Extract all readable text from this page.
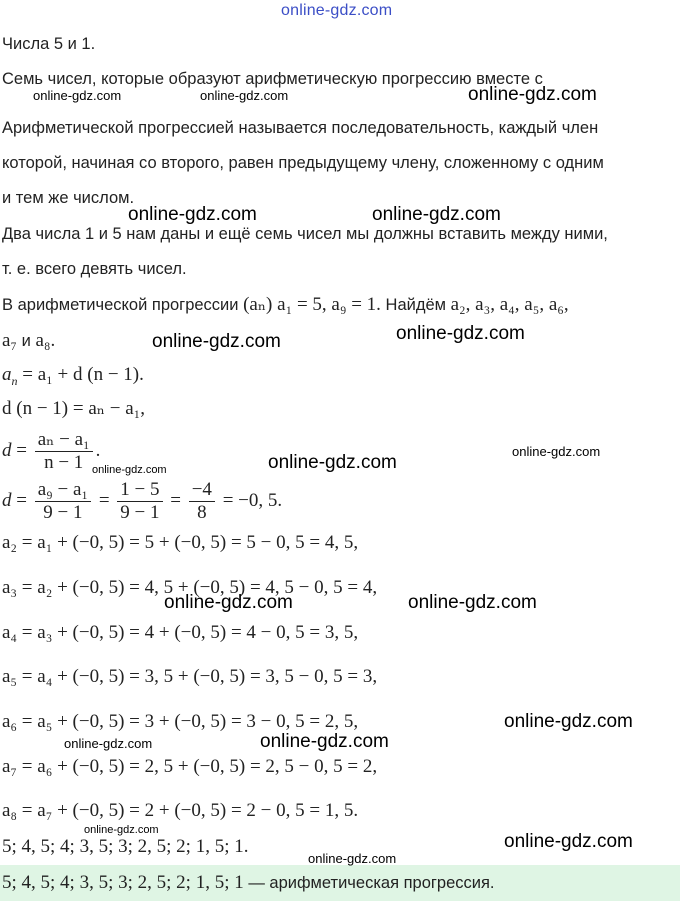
online-gdz.com
Числа 5 и 1.
Семь чисел, которые образуют арифметическую прогрессию вместе с
Арифметической прогрессией называется последовательность, каждый член
которой, начиная со второго, равен предыдущему члену, сложенному с одним
и тем же числом.
Два числа 1 и 5 нам даны и ещё семь чисел мы должны вставить между ними,
т. е. всего девять чисел.
В арифметической прогрессии (aₙ) a₁ = 5, a₉ = 1. Найдём a₂, a₃, a₄, a₅, a₆,
a₇ и a₈.
$a_n = a_1 + d$ (n − 1).
d (n − 1) = aₙ − a₁,
$d = \frac{\text{aₙ − a₁}}{n - 1}$ .
$d = \frac{\text{a₉ − a₁}}{9 - 1} = \frac{1 - 5}{9 - 1} = \frac{-4}{8} = -0$, 5.
a₂ = a₁ + (−0, 5) = 5 + (−0, 5) = 5 − 0, 5 = 4, 5,
a₃ = a₂ + (−0, 5) = 4, 5 + (−0, 5) = 4, 5 − 0, 5 = 4,
a₄ = a₃ + (−0, 5) = 4 + (−0, 5) = 4 − 0, 5 = 3, 5,
a₅ = a₄ + (−0, 5) = 3, 5 + (−0, 5) = 3, 5 − 0, 5 = 3,
a₆ = a₅ + (−0, 5) = 3 + (−0, 5) = 3 − 0, 5 = 2, 5,
a₇ = a₆ + (−0, 5) = 2, 5 + (−0, 5) = 2, 5 − 0, 5 = 2,
a₈ = a₇ + (−0, 5) = 2 + (−0, 5) = 2 − 0, 5 = 1, 5.
5; 4, 5; 4; 3, 5; 3; 2, 5; 2; 1, 5; 1.
5; 4, 5; 4; 3, 5; 3; 2, 5; 2; 1, 5; 1 — арифметическая прогрессия.
online-gdz.com	online-gdz.com	online-gdz.com
online-gdz.com	online-gdz.com
online-gdz.com
online-gdz.com
online-gdz.com
online-gdz.com
online-gdz.com
online-gdz.com	online-gdz.com
online-gdz.com
online-gdz.com	online-gdz.com
online-gdz.com
online-gdz.com
online-gdz.com
